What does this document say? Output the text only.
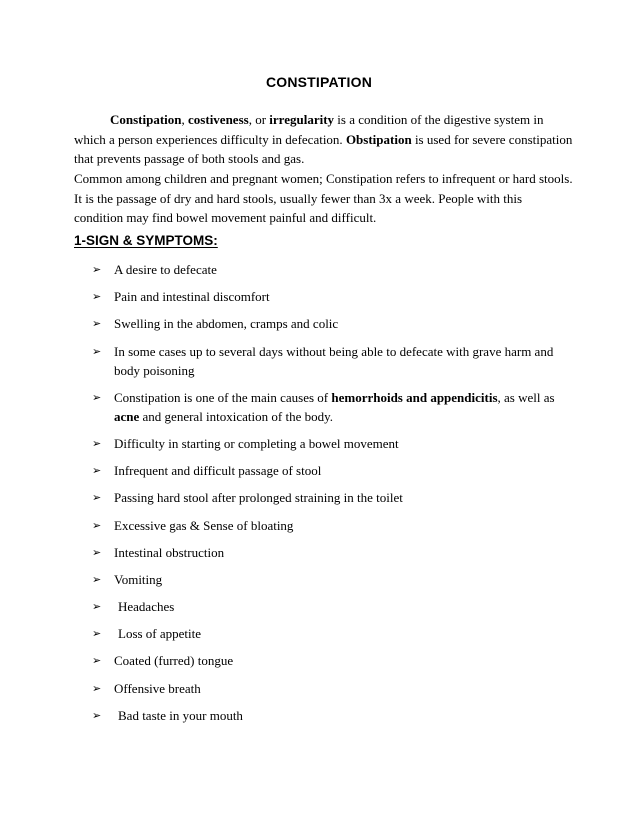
CONSTIPATION

Constipation, costiveness, or irregularity is a condition of the digestive system in which a person experiences difficulty in defecation. Obstipation is used for severe constipation that prevents passage of both stools and gas.

Common among children and pregnant women; Constipation refers to infrequent or hard stools. It is the passage of dry and hard stools, usually fewer than 3x a week. People with this condition may find bowel movement painful and difficult.

1-SIGN & SYMPTOMS:
➢ A desire to defecate
➢ Pain and intestinal discomfort
➢ Swelling in the abdomen, cramps and colic
➢ In some cases up to several days without being able to defecate with grave harm and body poisoning
➢ Constipation is one of the main causes of hemorrhoids and appendicitis, as well as acne and general intoxication of the body.
➢ Difficulty in starting or completing a bowel movement
➢ Infrequent and difficult passage of stool
➢ Passing hard stool after prolonged straining in the toilet
➢ Excessive gas & Sense of bloating
➢ Intestinal obstruction
➢ Vomiting
➢ Headaches
➢ Loss of appetite
➢ Coated (furred) tongue
➢ Offensive breath
➢ Bad taste in your mouth
